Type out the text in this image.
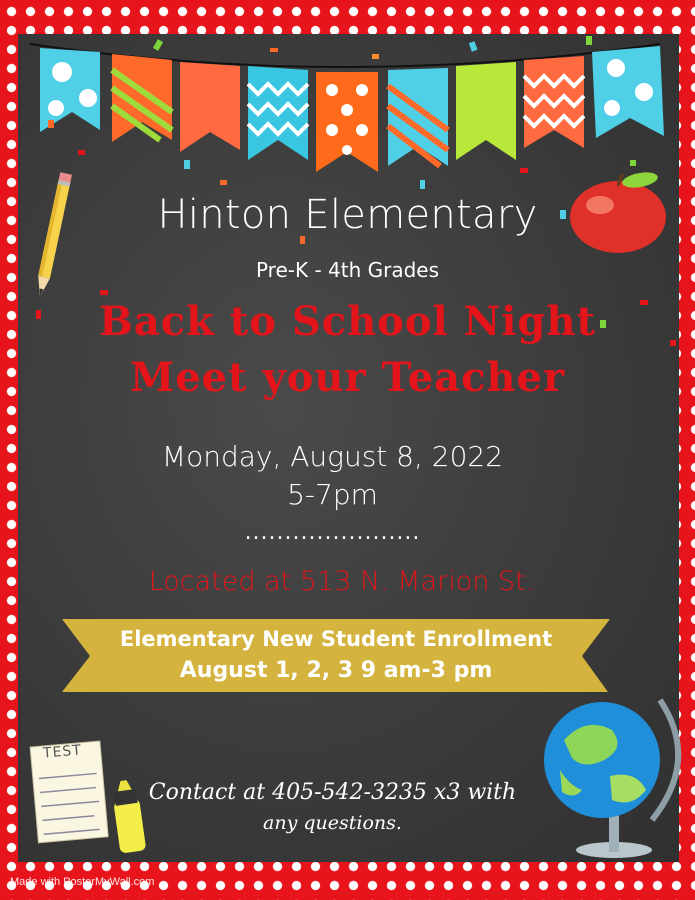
Hinton Elementary
Pre-K - 4th Grades
Back to School Night
Meet your Teacher
Monday, August 8, 2022
5-7pm
......................
Located at 513 N. Marion St.
Elementary New Student Enrollment
August 1, 2, 3 9 am-3 pm
TEST
Contact at 405-542-3235 x3 with
any questions.
Made with PosterMyWall.com
